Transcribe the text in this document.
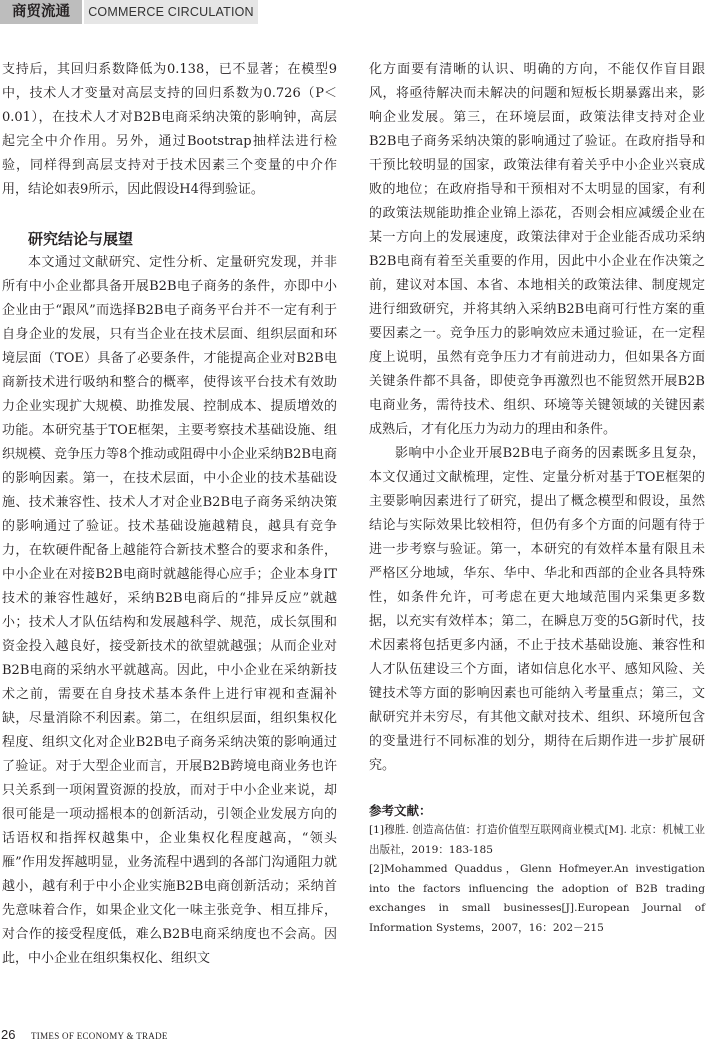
商贸流通	COMMERCE CIRCULATION

支持后，其回归系数降低为0.138，已不显著；在模型9中，技术人才变量对高层支持的回归系数为0.726（P＜0.01），在技术人才对B2B电商采纳决策的影响钟，高层起完全中介作用。另外，通过Bootstrap抽样法进行检验，同样得到高层支持对于技术因素三个变量的中介作用，结论如表9所示，因此假设H4得到验证。

研究结论与展望

本文通过文献研究、定性分析、定量研究发现，并非所有中小企业都具备开展B2B电子商务的条件，亦即中小企业由于“跟风”而选择B2B电子商务平台并不一定有利于自身企业的发展，只有当企业在技术层面、组织层面和环境层面（TOE）具备了必要条件，才能提高企业对B2B电商新技术进行吸纳和整合的概率，使得该平台技术有效助力企业实现扩大规模、助推发展、控制成本、提质增效的功能。本研究基于TOE框架，主要考察技术基础设施、组织规模、竞争压力等8个推动或阻碍中小企业采纳B2B电商的影响因素。第一，在技术层面，中小企业的技术基础设施、技术兼容性、技术人才对企业B2B电子商务采纳决策的影响通过了验证。技术基础设施越精良，越具有竞争力，在软硬件配备上越能符合新技术整合的要求和条件，中小企业在对接B2B电商时就越能得心应手；企业本身IT技术的兼容性越好，采纳B2B电商后的“排异反应”就越小；技术人才队伍结构和发展越科学、规范，成长氛围和资金投入越良好，接受新技术的欲望就越强；从而企业对B2B电商的采纳水平就越高。因此，中小企业在采纳新技术之前，需要在自身技术基本条件上进行审视和查漏补缺，尽量消除不利因素。第二，在组织层面，组织集权化程度、组织文化对企业B2B电子商务采纳决策的影响通过了验证。对于大型企业而言，开展B2B跨境电商业务也许只关系到一项闲置资源的投放，而对于中小企业来说，却很可能是一项动摇根本的创新活动，引领企业发展方向的话语权和指挥权越集中，企业集权化程度越高，“领头雁”作用发挥越明显，业务流程中遇到的各部门沟通阻力就越小，越有利于中小企业实施B2B电商创新活动；采纳首先意味着合作，如果企业文化一味主张竞争、相互排斥，对合作的接受程度低，难么B2B电商采纳度也不会高。因此，中小企业在组织集权化、组织文

化方面要有清晰的认识、明确的方向，不能仅作盲目跟风，将亟待解决而未解决的问题和短板长期暴露出来，影响企业发展。第三，在环境层面，政策法律支持对企业B2B电子商务采纳决策的影响通过了验证。在政府指导和干预比较明显的国家，政策法律有着关乎中小企业兴衰成败的地位；在政府指导和干预相对不太明显的国家，有利的政策法规能助推企业锦上添花，否则会相应减缓企业在某一方向上的发展速度，政策法律对于企业能否成功采纳B2B电商有着至关重要的作用，因此中小企业在作决策之前，建议对本国、本省、本地相关的政策法律、制度规定进行细致研究，并将其纳入采纳B2B电商可行性方案的重要因素之一。竞争压力的影响效应未通过验证，在一定程度上说明，虽然有竞争压力才有前进动力，但如果各方面关键条件都不具备，即使竞争再激烈也不能贸然开展B2B电商业务，需待技术、组织、环境等关键领域的关键因素成熟后，才有化压力为动力的理由和条件。

影响中小企业开展B2B电子商务的因素既多且复杂，本文仅通过文献梳理，定性、定量分析对基于TOE框架的主要影响因素进行了研究，提出了概念模型和假设，虽然结论与实际效果比较相符，但仍有多个方面的问题有待于进一步考察与验证。第一，本研究的有效样本量有限且未严格区分地域，华东、华中、华北和西部的企业各具特殊性，如条件允许，可考虑在更大地域范围内采集更多数据，以充实有效样本；第二，在瞬息万变的5G新时代，技术因素将包括更多内涵，不止于技术基础设施、兼容性和人才队伍建设三个方面，诸如信息化水平、感知风险、关键技术等方面的影响因素也可能纳入考量重点；第三，文献研究并未穷尽，有其他文献对技术、组织、环境所包含的变量进行不同标准的划分，期待在后期作进一步扩展研究。

参考文献：

[1]穆胜. 创造高估值：打造价值型互联网商业模式[M]. 北京：机械工业出版社，2019：183-185

[2]Mohammed Quaddus，Glenn Hofmeyer.An investigation into the factors influencing the adoption of B2B trading exchanges in small businesses[J].European Journal of Information Systems，2007，16：202－215

26 TIMES OF ECONOMY & TRADE
